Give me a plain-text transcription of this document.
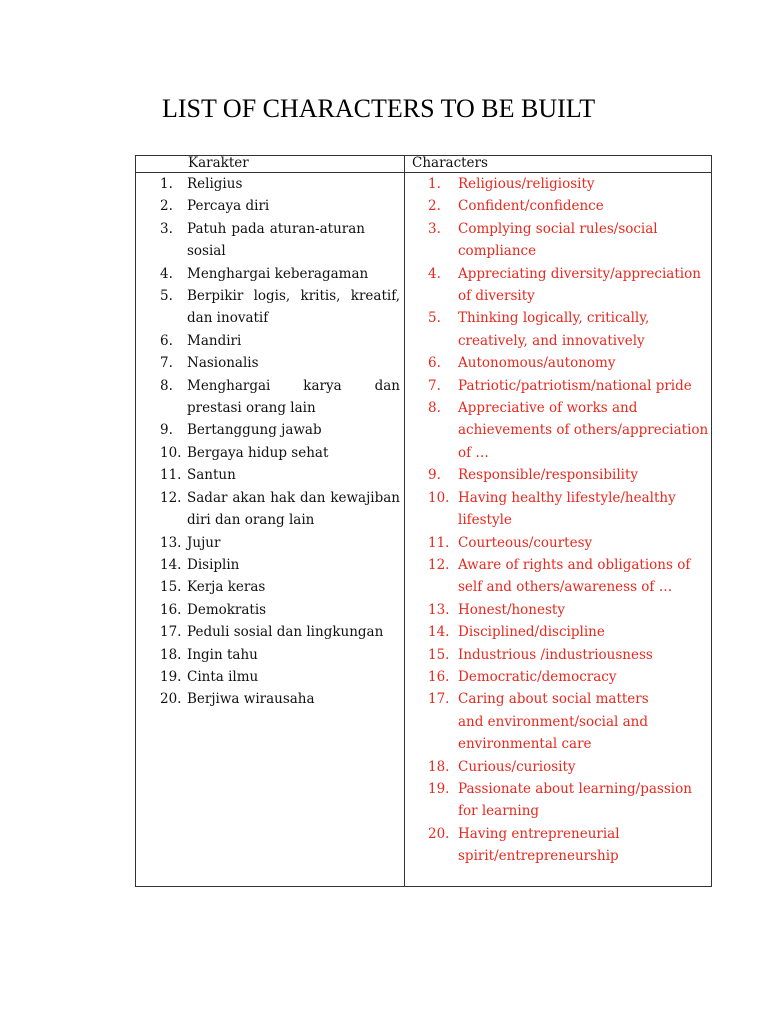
LIST OF CHARACTERS TO BE BUILT
Karakter	Characters
1. Religius
2. Percaya diri
3. Patuh pada aturan-aturan sosial
4. Menghargai keberagaman
5. Berpikir logis, kritis, kreatif, dan inovatif
6. Mandiri
7. Nasionalis
8. Menghargai karya dan prestasi orang lain
9. Bertanggung jawab
10. Bergaya hidup sehat
11. Santun
12. Sadar akan hak dan kewajiban diri dan orang lain
13. Jujur
14. Disiplin
15. Kerja keras
16. Demokratis
17. Peduli sosial dan lingkungan
18. Ingin tahu
19. Cinta ilmu
20. Berjiwa wirausaha
1. Religious/religiosity
2. Confident/confidence
3. Complying social rules/social compliance
4. Appreciating diversity/appreciation of diversity
5. Thinking logically, critically, creatively, and innovatively
6. Autonomous/autonomy
7. Patriotic/patriotism/national pride
8. Appreciative of works and achievements of others/appreciation of …
9. Responsible/responsibility
10. Having healthy lifestyle/healthy lifestyle
11. Courteous/courtesy
12. Aware of rights and obligations of self and others/awareness of …
13. Honest/honesty
14. Disciplined/discipline
15. Industrious /industriousness
16. Democratic/democracy
17. Caring about social matters and environment/social and environmental care
18. Curious/curiosity
19. Passionate about learning/passion for learning
20. Having entrepreneurial spirit/entrepreneurship
